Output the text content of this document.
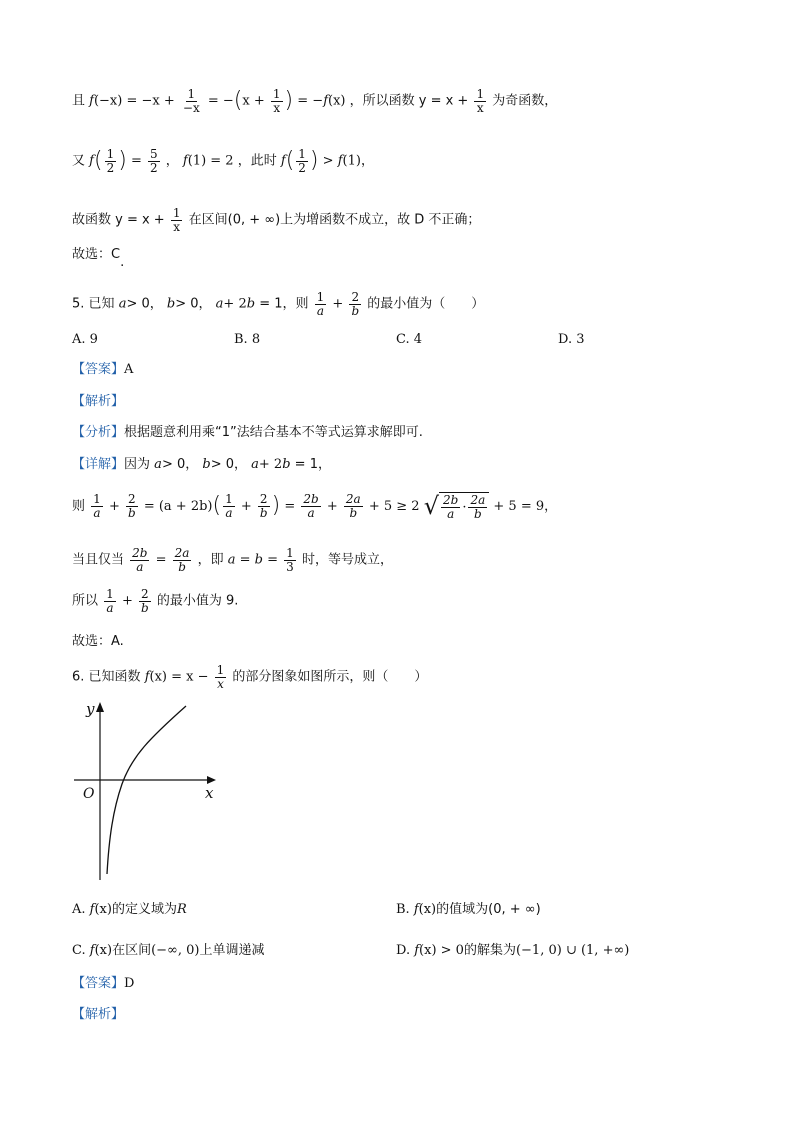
且 $f(-x) = -x + \frac{1}{-x} = -(x + \frac{1}{x}$ ) = −f(x) ，所以函数 $y = x + \frac{1}{x}$ 为奇函数，
又 $f( \frac{1}{2}$ ) = $\frac{5}{2}$ ， f(1) = 2 ，此时 $f( \frac{1}{2}$ ) > f(1)，
故函数 $y = x + \frac{1}{x}$ 在区间(0, + ∞)上为增函数不成立，故 D 不正确；
故选：C.
5. 已知 a> 0， b> 0， a+ 2b = 1，则 $\frac{1}{a} + \frac{2}{b}$ 的最小值为（　　）
A. 9	B. 8	C. 4	D. 3
【答案】A
【解析】
【分析】根据题意利用乘“1”法结合基本不等式运算求解即可.
【详解】因为 a> 0， b> 0， a+ 2b = 1，
则 $\frac{1}{a} + \frac{2}{b} = (a + 2b)( \frac{1}{a} + \frac{2}{b}$ ) = $\frac{2b}{a} + \frac{2a}{b} + 5 \ge 2$ √ $\frac{2b}{a} \cdot \frac{2a}{b} + 5 = 9$，
当且仅当 $\frac{2b}{a} = \frac{2a}{b}$ ，即 $a = b = \frac{1}{3}$ 时，等号成立，
所以 $\frac{1}{a} + \frac{2}{b}$ 的最小值为 9.
故选：A.
6. 已知函数 $f(x) = x - \frac{1}{x}$ 的部分图象如图所示，则（　　）
y
x
O
A. f(x)的定义域为R	B. f(x)的值域为(0, + ∞)
C. f(x)在区间(−∞, 0)上单调递减	D. f(x) > 0的解集为(−1, 0) ∪ (1, +∞)
【答案】D
【解析】
